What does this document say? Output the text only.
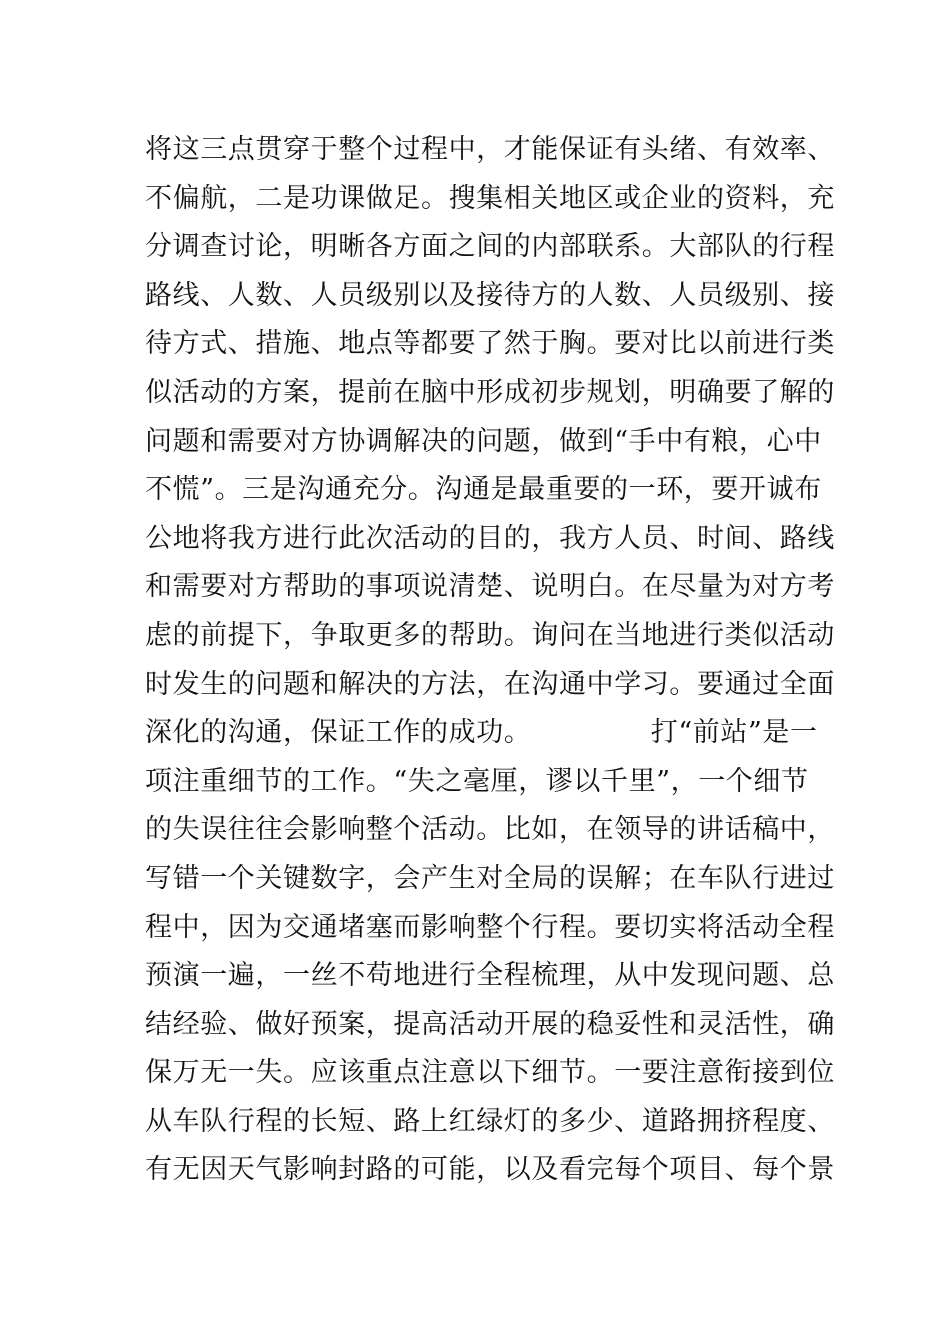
将这三点贯穿于整个过程中，才能保证有头绪、有效率、
不偏航，二是功课做足。搜集相关地区或企业的资料，充
分调查讨论，明晰各方面之间的内部联系。大部队的行程
路线、人数、人员级别以及接待方的人数、人员级别、接
待方式、措施、地点等都要了然于胸。要对比以前进行类
似活动的方案，提前在脑中形成初步规划，明确要了解的
问题和需要对方协调解决的问题，做到“手中有粮，心中
不慌”。三是沟通充分。沟通是最重要的一环，要开诚布
公地将我方进行此次活动的目的，我方人员、时间、路线
和需要对方帮助的事项说清楚、说明白。在尽量为对方考
虑的前提下，争取更多的帮助。询问在当地进行类似活动
时发生的问题和解决的方法，在沟通中学习。要通过全面
深化的沟通，保证工作的成功。             打“前站”是一
项注重细节的工作。“失之毫厘，谬以千里”，一个细节
的失误往往会影响整个活动。比如，在领导的讲话稿中，
写错一个关键数字，会产生对全局的误解；在车队行进过
程中，因为交通堵塞而影响整个行程。要切实将活动全程
预演一遍，一丝不苟地进行全程梳理，从中发现问题、总
结经验、做好预案，提高活动开展的稳妥性和灵活性，确
保万无一失。应该重点注意以下细节。一要注意衔接到位
从车队行程的长短、路上红绿灯的多少、道路拥挤程度、
有无因天气影响封路的可能，以及看完每个项目、每个景
